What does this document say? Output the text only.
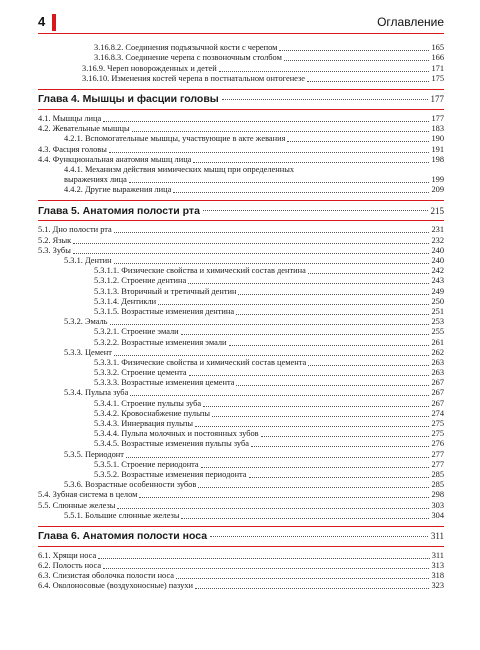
4	Оглавление
3.16.8.2. Соединения подъязычной кости с черепом	165
3.16.8.3. Соединение черепа с позвоночным столбом	166
3.16.9. Череп новорожденных и детей	171
3.16.10. Изменения костей черепа в постнатальном онтогенезе	175
Глава 4. Мышцы и фасции головы	177
4.1. Мышцы лица	177
4.2. Жевательные мышцы	183
4.2.1. Вспомогательные мышцы, участвующие в акте жевания	190
4.3. Фасция головы	191
4.4. Функциональная анатомия мышц лица	198
4.4.1. Механизм действия мимических мышц при определенных
выражениях лица	199
4.4.2. Другие выражения лица	209
Глава 5. Анатомия полости рта	215
5.1. Дно полости рта	231
5.2. Язык	232
5.3. Зубы	240
5.3.1. Дентин	240
5.3.1.1. Физические свойства и химический состав дентина	242
5.3.1.2. Строение дентина	243
5.3.1.3. Вторичный и третичный дентин	249
5.3.1.4. Дентикли	250
5.3.1.5. Возрастные изменения дентина	251
5.3.2. Эмаль	253
5.3.2.1. Строение эмали	255
5.3.2.2. Возрастные изменения эмали	261
5.3.3. Цемент	262
5.3.3.1. Физические свойства и химический состав цемента	263
5.3.3.2. Строение цемента	263
5.3.3.3. Возрастные изменения цемента	267
5.3.4. Пульпа зуба	267
5.3.4.1. Строение пульпы зуба	267
5.3.4.2. Кровоснабжение пульпы	274
5.3.4.3. Иннервация пульпы	275
5.3.4.4. Пульпа молочных и постоянных зубов	275
5.3.4.5. Возрастные изменения пульпы зуба	276
5.3.5. Периодонт	277
5.3.5.1. Строение периодонта	277
5.3.5.2. Возрастные изменения периодонта	285
5.3.6. Возрастные особенности зубов	285
5.4. Зубная система в целом	298
5.5. Слюнные железы	303
5.5.1. Большие слюнные железы	304
Глава 6. Анатомия полости носа	311
6.1. Хрящи носа	311
6.2. Полость носа	313
6.3. Слизистая оболочка полости носа	318
6.4. Околоносовые (воздухоносные) пазухи	323
